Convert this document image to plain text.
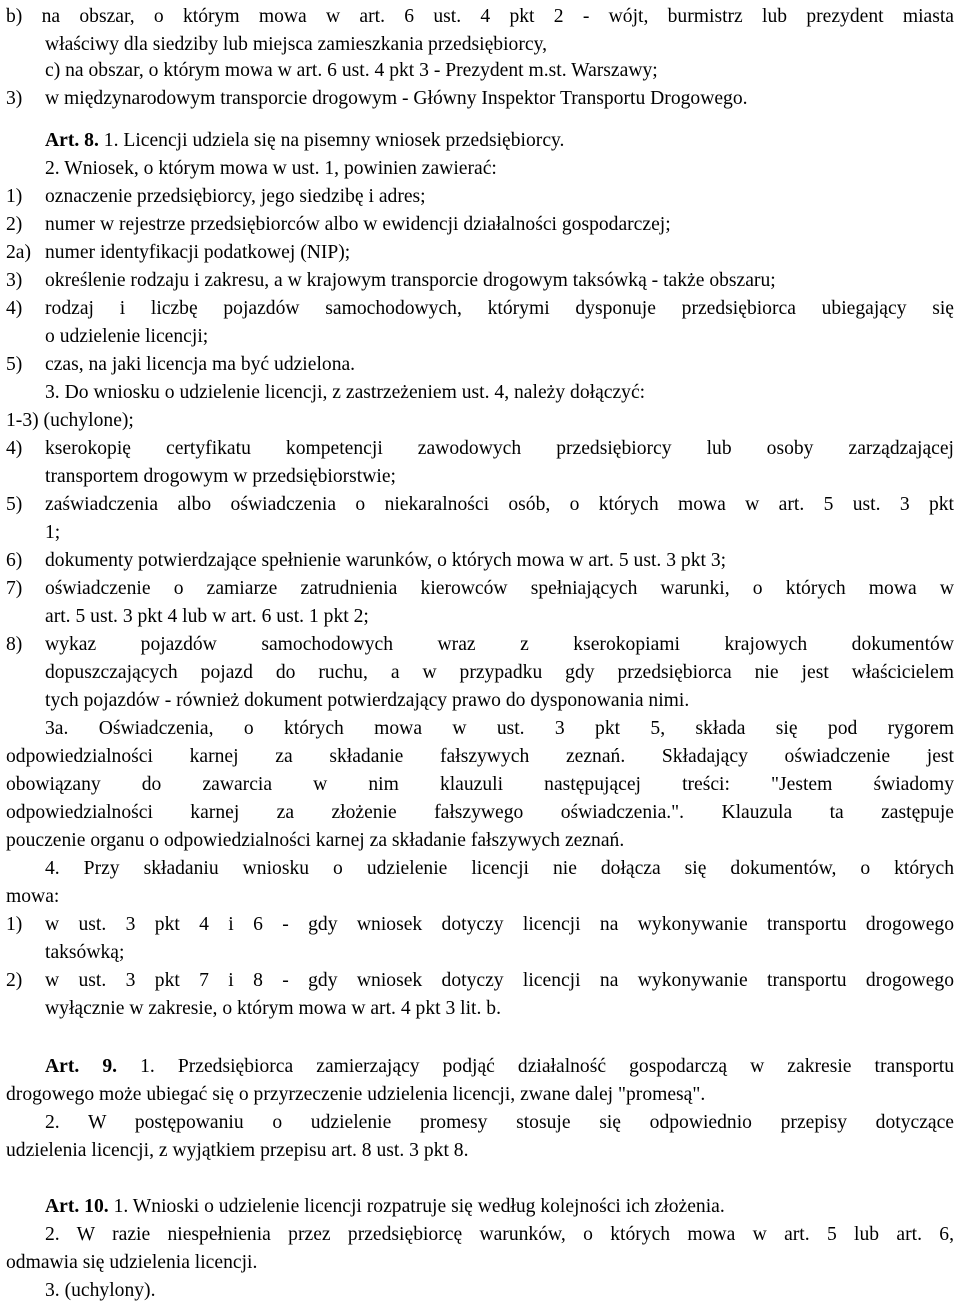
b) na obszar, o którym mowa w art. 6 ust. 4 pkt 2 - wójt, burmistrz lub prezydent miasta
właściwy dla siedziby lub miejsca zamieszkania przedsiębiorcy,
c) na obszar, o którym mowa w art. 6 ust. 4 pkt 3 - Prezydent m.st. Warszawy;
3) w międzynarodowym transporcie drogowym - Główny Inspektor Transportu Drogowego.
Art. 8. 1. Licencji udziela się na pisemny wniosek przedsiębiorcy.
2. Wniosek, o którym mowa w ust. 1, powinien zawierać:
1) oznaczenie przedsiębiorcy, jego siedzibę i adres;
2) numer w rejestrze przedsiębiorców albo w ewidencji działalności gospodarczej;
2a) numer identyfikacji podatkowej (NIP);
3) określenie rodzaju i zakresu, a w krajowym transporcie drogowym taksówką - także obszaru;
4) rodzaj i liczbę pojazdów samochodowych, którymi dysponuje przedsiębiorca ubiegający się
o udzielenie licencji;
5) czas, na jaki licencja ma być udzielona.
3. Do wniosku o udzielenie licencji, z zastrzeżeniem ust. 4, należy dołączyć:
1-3) (uchylone);
4) kserokopię certyfikatu kompetencji zawodowych przedsiębiorcy lub osoby zarządzającej
transportem drogowym w przedsiębiorstwie;
5) zaświadczenia albo oświadczenia o niekaralności osób, o których mowa w art. 5 ust. 3 pkt
1;
6) dokumenty potwierdzające spełnienie warunków, o których mowa w art. 5 ust. 3 pkt 3;
7) oświadczenie o zamiarze zatrudnienia kierowców spełniających warunki, o których mowa w
art. 5 ust. 3 pkt 4 lub w art. 6 ust. 1 pkt 2;
8) wykaz pojazdów samochodowych wraz z kserokopiami krajowych dokumentów
dopuszczających pojazd do ruchu, a w przypadku gdy przedsiębiorca nie jest właścicielem
tych pojazdów - również dokument potwierdzający prawo do dysponowania nimi.
3a. Oświadczenia, o których mowa w ust. 3 pkt 5, składa się pod rygorem
odpowiedzialności karnej za składanie fałszywych zeznań. Składający oświadczenie jest
obowiązany do zawarcia w nim klauzuli następującej treści: "Jestem świadomy
odpowiedzialności karnej za złożenie fałszywego oświadczenia.". Klauzula ta zastępuje
pouczenie organu o odpowiedzialności karnej za składanie fałszywych zeznań.
4. Przy składaniu wniosku o udzielenie licencji nie dołącza się dokumentów, o których
mowa:
1) w ust. 3 pkt 4 i 6 - gdy wniosek dotyczy licencji na wykonywanie transportu drogowego
taksówką;
2) w ust. 3 pkt 7 i 8 - gdy wniosek dotyczy licencji na wykonywanie transportu drogowego
wyłącznie w zakresie, o którym mowa w art. 4 pkt 3 lit. b.
Art. 9. 1. Przedsiębiorca zamierzający podjąć działalność gospodarczą w zakresie transportu
drogowego może ubiegać się o przyrzeczenie udzielenia licencji, zwane dalej "promesą".
2. W postępowaniu o udzielenie promesy stosuje się odpowiednio przepisy dotyczące
udzielenia licencji, z wyjątkiem przepisu art. 8 ust. 3 pkt 8.
Art. 10. 1. Wnioski o udzielenie licencji rozpatruje się według kolejności ich złożenia.
2. W razie niespełnienia przez przedsiębiorcę warunków, o których mowa w art. 5 lub art. 6,
odmawia się udzielenia licencji.
3. (uchylony).
